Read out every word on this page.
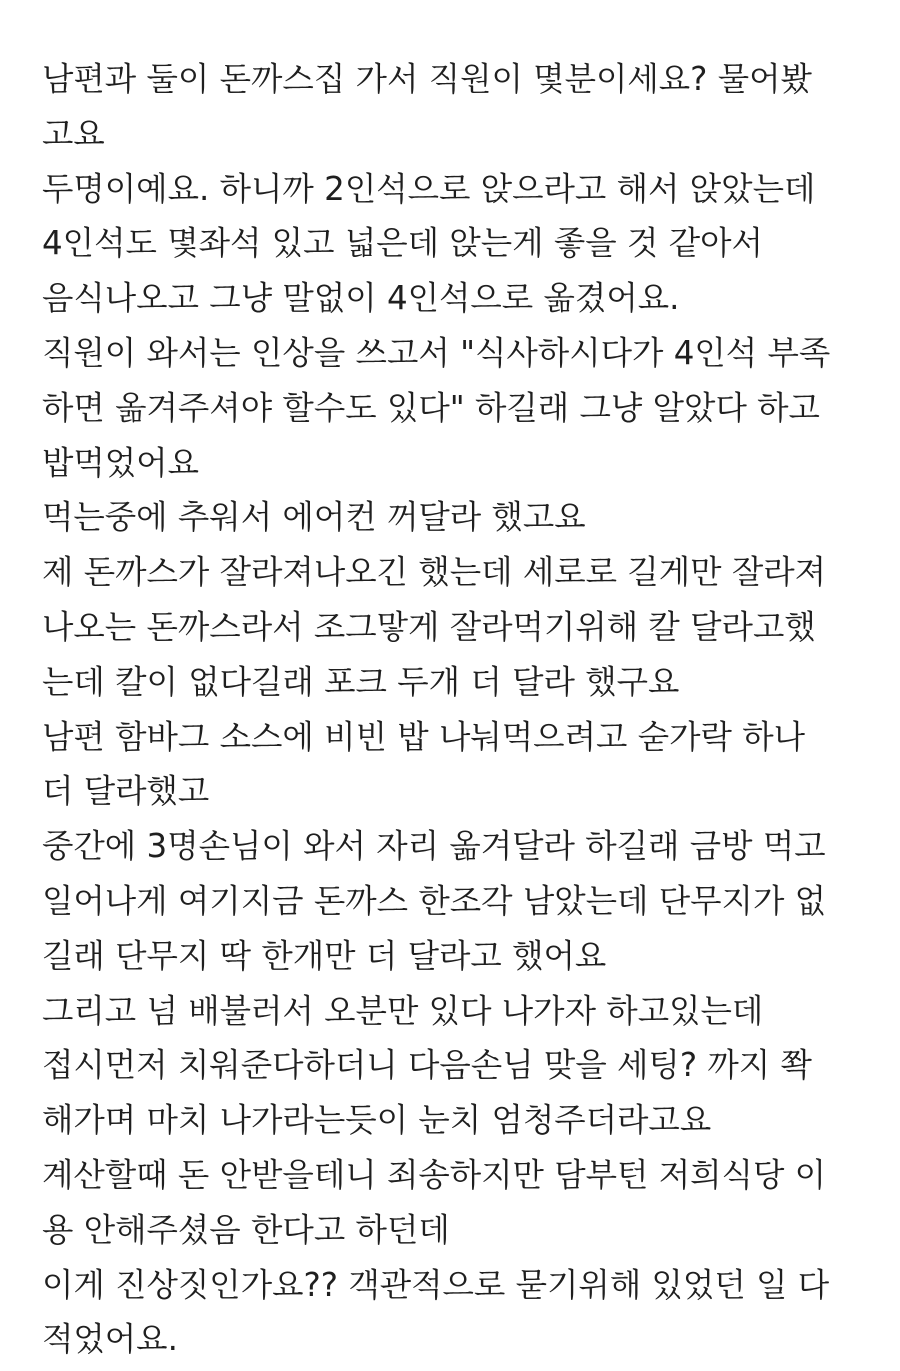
남편과 둘이 돈까스집 가서 직원이 몇분이세요? 물어봤
고요
두명이예요. 하니까 2인석으로 앉으라고 해서 앉았는데
4인석도 몇좌석 있고 넓은데 앉는게 좋을 것 같아서
음식나오고 그냥 말없이 4인석으로 옮겼어요.
직원이 와서는 인상을 쓰고서 "식사하시다가 4인석 부족
하면 옮겨주셔야 할수도 있다" 하길래 그냥 알았다 하고
밥먹었어요
먹는중에 추워서 에어컨 꺼달라 했고요
제 돈까스가 잘라져나오긴 했는데 세로로 길게만 잘라져
나오는 돈까스라서 조그맣게 잘라먹기위해 칼 달라고했
는데 칼이 없다길래 포크 두개 더 달라 했구요
남편 함바그 소스에 비빈 밥 나눠먹으려고 숟가락 하나
더 달라했고
중간에 3명손님이 와서 자리 옮겨달라 하길래 금방 먹고
일어나게 여기지금 돈까스 한조각 남았는데 단무지가 없
길래 단무지 딱 한개만 더 달라고 했어요
그리고 넘 배불러서 오분만 있다 나가자 하고있는데
접시먼저 치워준다하더니 다음손님 맞을 세팅? 까지 쫙
해가며 마치 나가라는듯이 눈치 엄청주더라고요
계산할때 돈 안받을테니 죄송하지만 담부턴 저희식당 이
용 안해주셨음 한다고 하던데
이게 진상짓인가요?? 객관적으로 묻기위해 있었던 일 다
적었어요.
